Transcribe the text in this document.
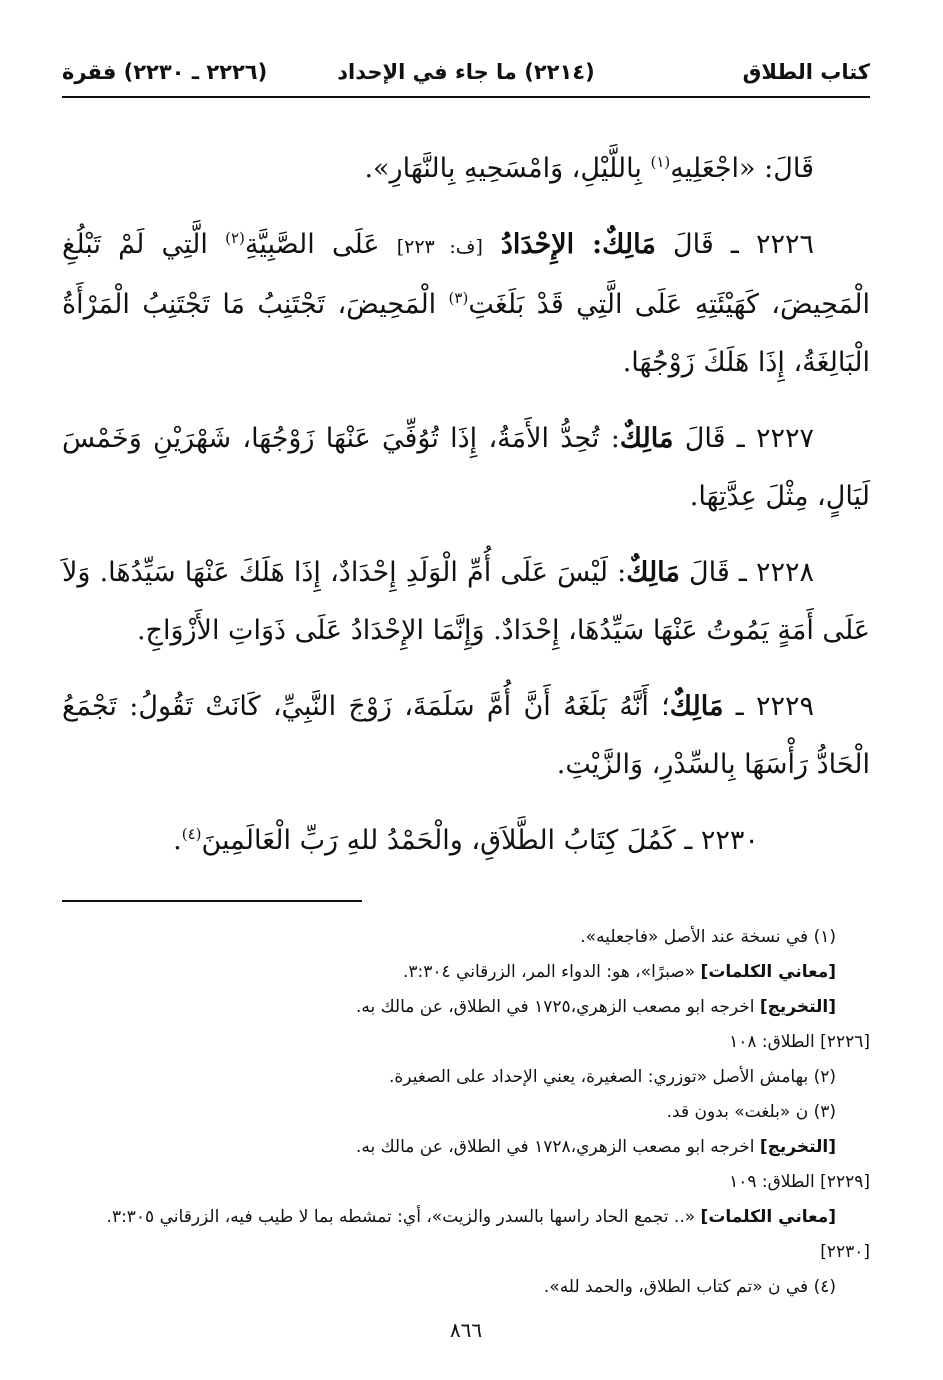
كتاب الطلاق
(٢٢١٤) ما جاء في الإحداد
(٢٢٢٦ ـ ٢٢٣٠) فقرة

قَالَ: «اجْعَلِيهِ$^{(١)}$ بِاللَّيْلِ، وَامْسَحِيهِ بِالنَّهَارِ».

٢٢٢٦ ـ قَالَ مَالِكٌ: الإِحْدَادُ [ف: ٢٢٣] عَلَى الصَّبِيَّةِ$^{(٢)}$ الَّتِي لَمْ تَبْلُغِ الْمَحِيضَ، كَهَيْئَتِهِ عَلَى الَّتِي قَدْ بَلَغَتِ$^{(٣)}$ الْمَحِيضَ، تَجْتَنِبُ مَا تَجْتَنِبُ الْمَرْأَةُ الْبَالِغَةُ، إِذَا هَلَكَ زَوْجُهَا.

٢٢٢٧ ـ قَالَ مَالِكٌ: تُحِدُّ الأَمَةُ، إِذَا تُوُفِّيَ عَنْهَا زَوْجُهَا، شَهْرَيْنِ وَخَمْسَ لَيَالٍ، مِثْلَ عِدَّتِهَا.

٢٢٢٨ ـ قَالَ مَالِكٌ: لَيْسَ عَلَى أُمِّ الْوَلَدِ إِحْدَادٌ، إِذَا هَلَكَ عَنْهَا سَيِّدُهَا. وَلاَ عَلَى أَمَةٍ يَمُوتُ عَنْهَا سَيِّدُهَا، إِحْدَادٌ. وَإِنَّمَا الإِحْدَادُ عَلَى ذَوَاتِ الأَزْوَاجِ.

٢٢٢٩ ـ مَالِكٌ؛ أَنَّهُ بَلَغَهُ أَنَّ أُمَّ سَلَمَةَ، زَوْجَ النَّبِيِّ، كَانَتْ تَقُولُ: تَجْمَعُ الْحَادُّ رَأْسَهَا بِالسِّدْرِ، وَالزَّيْتِ.

٢٢٣٠ ـ كَمُلَ كِتَابُ الطَّلاَقِ، والْحَمْدُ للهِ رَبِّ الْعَالَمِينَ$^{(٤)}$.

(١) في نسخة عند الأصل «فاجعليه».

[معاني الكلمات] «صبرًا»، هو: الدواء المر، الزرقاني ٣:٣٠٤.

[التخريج] اخرجه ابو مصعب الزهري،١٧٢٥ في الطلاق، عن مالك به.

[٢٢٢٦] الطلاق: ١٠٨

(٢) بهامش الأصل «توزري: الصغيرة، يعني الإحداد على الصغيرة.

(٣) ن «بلغت» بدون قد.

[التخريج] اخرجه ابو مصعب الزهري،١٧٢٨ في الطلاق، عن مالك به.

[٢٢٢٩] الطلاق: ١٠٩

[معاني الكلمات] «.. تجمع الحاد راسها بالسدر والزيت»، أي: تمشطه بما لا طيب فيه، الزرقاني ٣:٣٠٥.

[٢٢٣٠]

(٤) في ن «تم كتاب الطلاق، والحمد لله».

٨٦٦
